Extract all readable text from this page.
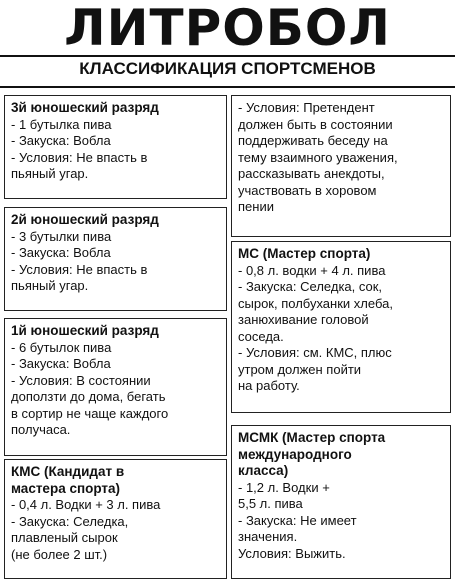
ЛИТРОБОЛ
КЛАССИФИКАЦИЯ СПОРТСМЕНОВ
3й юношеский разряд
- 1 бутылка пива
- Закуска: Вобла
- Условия: Не впасть в
пьяный угар.
2й юношеский разряд
- 3 бутылки пива
- Закуска: Вобла
- Условия: Не впасть в
пьяный угар.
1й юношеский разряд
- 6 бутылок пива
- Закуска: Вобла
- Условия: В состоянии
доползти до дома, бегать
в сортир не чаще каждого
получаса.
КМС (Кандидат в
мастера спорта)
- 0,4 л. Водки + 3 л. пива
- Закуска: Селедка,
плавленый сырок
(не более 2 шт.)
- Условия: Претендент
должен быть в состоянии
поддерживать беседу на
тему взаимного уважения,
рассказывать анекдоты,
участвовать в хоровом
пении
МС (Мастер спорта)
- 0,8 л. водки + 4 л. пива
- Закуска: Селедка, сок,
сырок, полбуханки хлеба,
занюхивание головой
соседа.
- Условия: см. КМС, плюс
утром должен пойти
на работу.
МСМК (Мастер спорта
международного
класса)
- 1,2 л. Водки +
5,5 л. пива
- Закуска: Не имеет
значения.
Условия: Выжить.
